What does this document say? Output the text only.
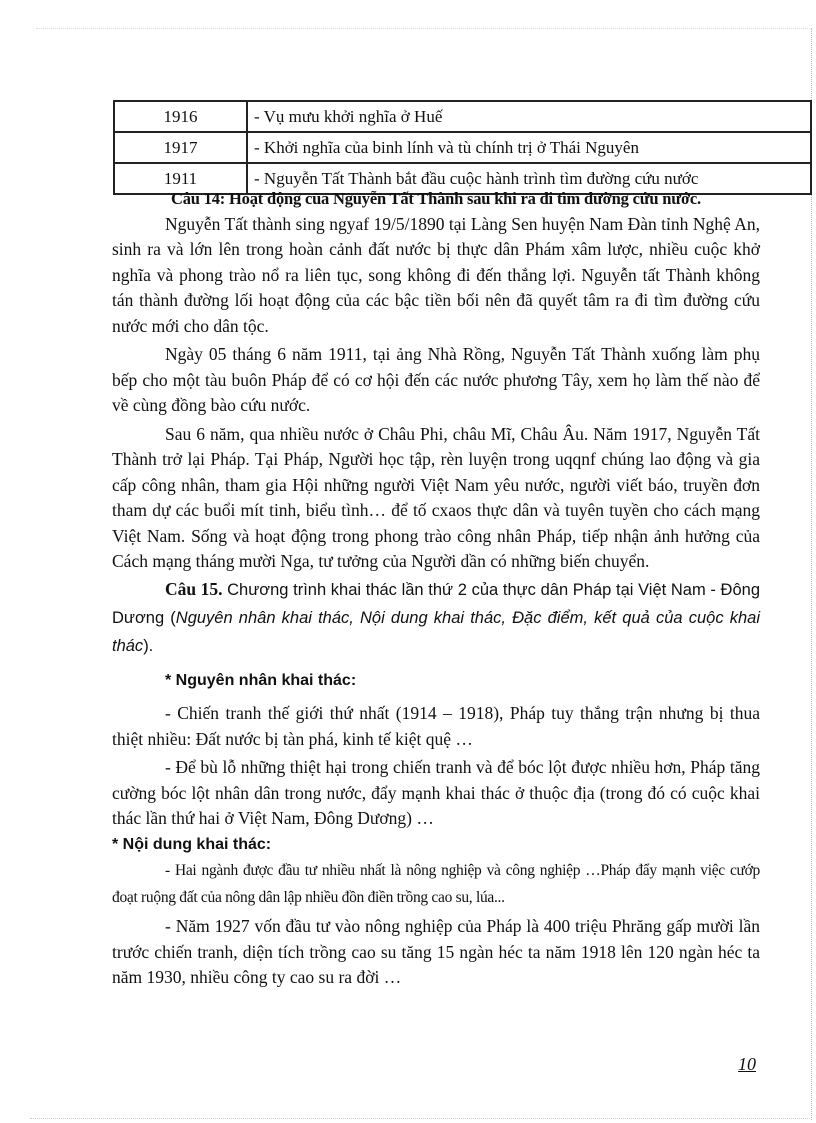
1916	- Vụ mưu khởi nghĩa ở Huế
1917	- Khởi nghĩa của binh lính và tù chính trị ở Thái Nguyên
1911	- Nguyễn Tất Thành bắt đầu cuộc hành trình tìm đường cứu nước

Câu 14: Hoạt động của Nguyễn Tất Thành sau khi ra đi tìm đường cứu nước.

Nguyễn Tất thành sing ngyaf 19/5/1890 tại Làng Sen huyện Nam Đàn tỉnh Nghệ An, sinh ra và lớn lên trong hoàn cảnh đất nước bị thực dân Phám xâm lược, nhiều cuộc khở nghĩa và phong trào nổ ra liên tục, song không đi đến thắng lợi. Nguyễn tất Thành không tán thành đường lối hoạt động của các bậc tiền bối nên đã quyết tâm ra đi tìm đường cứu nước mới cho dân tộc.

Ngày 05 tháng 6 năm 1911, tại ảng Nhà Rồng, Nguyễn Tất Thành xuống làm phụ bếp cho một tàu buôn Pháp để có cơ hội đến các nước phương Tây, xem họ làm thế nào để về cùng đồng bào cứu nước.

Sau 6 năm, qua nhiều nước ở Châu Phi, châu Mĩ, Châu Âu. Năm 1917, Nguyễn Tất Thành trở lại Pháp. Tại Pháp, Người học tập, rèn luyện trong uqqnf chúng lao động và gia cấp công nhân, tham gia Hội những người Việt Nam yêu nước, người viết báo, truyền đơn tham dự các buổi mít tinh, biểu tình… để tố cxaos thực dân và tuyên tuyền cho cách mạng Việt Nam. Sống và hoạt động trong phong trào công nhân Pháp, tiếp nhận ảnh hưởng của Cách mạng tháng mười Nga, tư tưởng của Người dần có những biến chuyển.

Câu 15. Chương trình khai thác lần thứ 2 của thực dân Pháp tại Việt Nam - Đông Dương (Nguyên nhân khai thác, Nội dung khai thác, Đặc điểm, kết quả của cuộc khai thác).

* Nguyên nhân khai thác:

- Chiến tranh thế giới thứ nhất (1914 – 1918), Pháp tuy thắng trận nhưng bị thua thiệt nhiều: Đất nước bị tàn phá, kinh tế kiệt quệ …

- Để bù lỗ những thiệt hại trong chiến tranh và để bóc lột được nhiều hơn, Pháp tăng cường bóc lột nhân dân trong nước, đẩy mạnh khai thác ở thuộc địa (trong đó có cuộc khai thác lần thứ hai ở Việt Nam, Đông Dương) …

* Nội dung khai thác:

- Hai ngành được đầu tư nhiều nhất là nông nghiệp và công nghiệp …Pháp đẩy mạnh việc cướp đoạt ruộng đất của nông dân lập nhiều đồn điền trồng cao su, lúa...

- Năm 1927 vốn đầu tư vào nông nghiệp của Pháp là 400 triệu Phrăng gấp mười lần trước chiến tranh, diện tích trồng cao su tăng 15 ngàn héc ta năm 1918 lên 120 ngàn héc ta năm 1930, nhiều công ty cao su ra đời …

10
